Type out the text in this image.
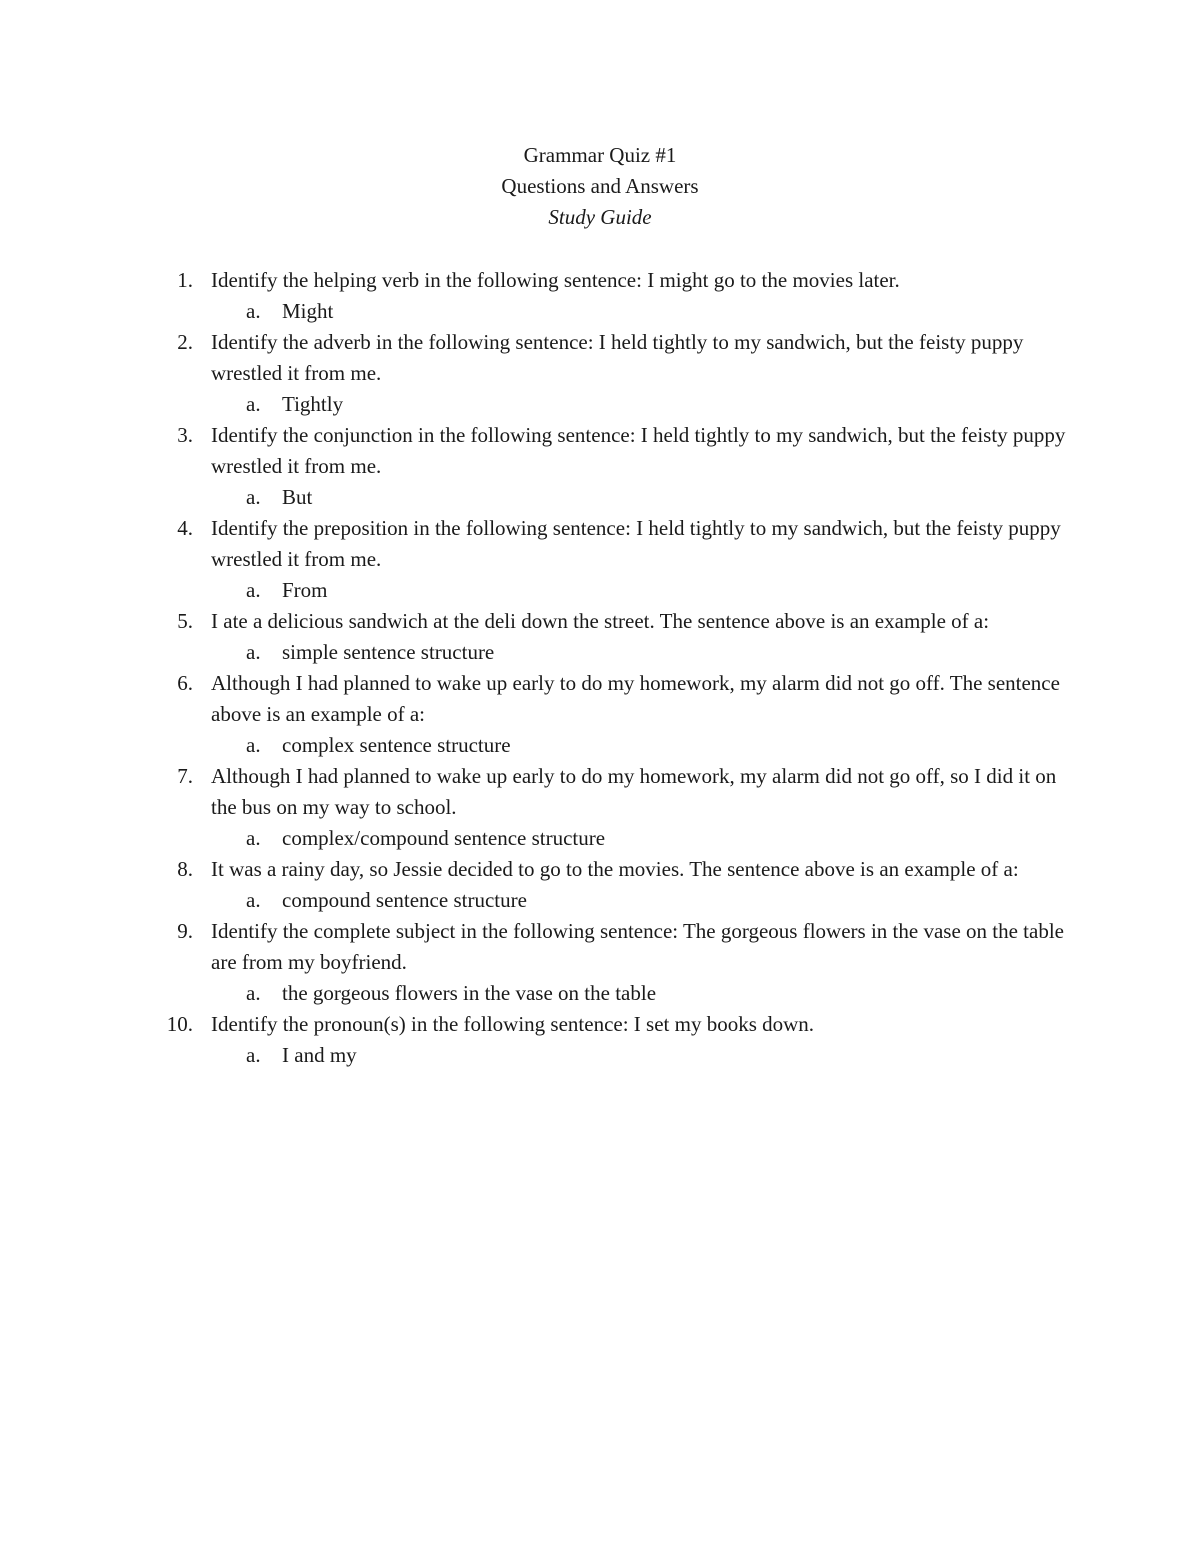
Grammar Quiz #1
Questions and Answers
Study Guide
1. Identify the helping verb in the following sentence: I might go to the movies later.
a. Might
2. Identify the adverb in the following sentence: I held tightly to my sandwich, but the feisty puppy wrestled it from me.
a. Tightly
3. Identify the conjunction in the following sentence: I held tightly to my sandwich, but the feisty puppy wrestled it from me.
a. But
4. Identify the preposition in the following sentence: I held tightly to my sandwich, but the feisty puppy wrestled it from me.
a. From
5. I ate a delicious sandwich at the deli down the street. The sentence above is an example of a:
a. simple sentence structure
6. Although I had planned to wake up early to do my homework, my alarm did not go off. The sentence above is an example of a:
a. complex sentence structure
7. Although I had planned to wake up early to do my homework, my alarm did not go off, so I did it on the bus on my way to school.
a. complex/compound sentence structure
8. It was a rainy day, so Jessie decided to go to the movies. The sentence above is an example of a:
a. compound sentence structure
9. Identify the complete subject in the following sentence: The gorgeous flowers in the vase on the table are from my boyfriend.
a. the gorgeous flowers in the vase on the table
10. Identify the pronoun(s) in the following sentence: I set my books down.
a. I and my
